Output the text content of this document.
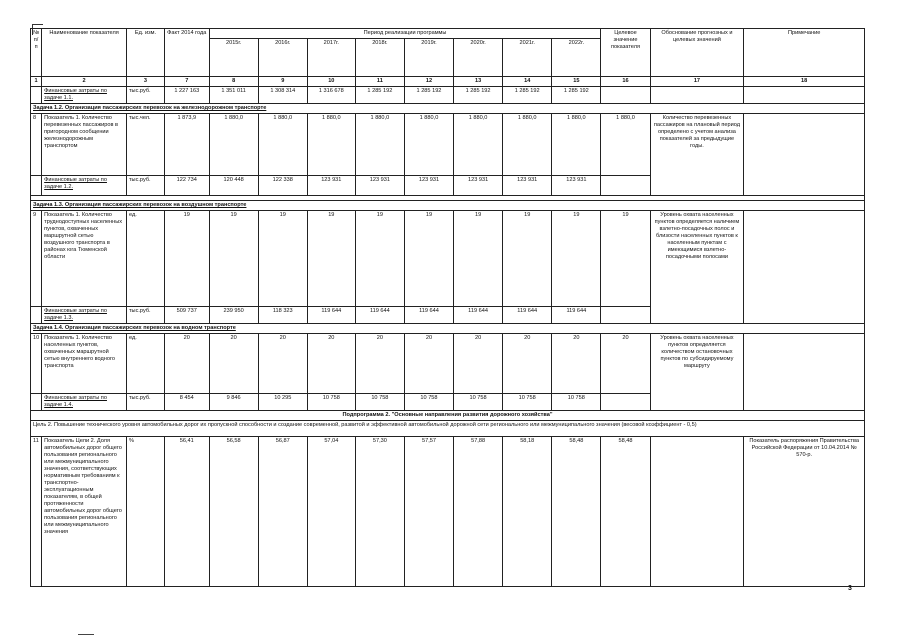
№ п/п	Наименование показателя	Ед. изм.	Факт 2014 года	Период реализации программы								Целевое значение показателя	Обоснование прогнозных и целевых значений	Примечание
				2015г.	2016г.	2017г.	2018г.	2019г.	2020г.	2021г.	2022г.			
1	2	3	7	8	9	10	11	12	13	14	15	16	17	18
	Финансовые затраты по задаче 1.1.	тыс.руб.	1 227 163	1 351 011	1 308 314	1 316 678	1 285 192	1 285 192	1 285 192	1 285 192	1 285 192			
Задача 1.2. Организация пассажирских перевозок на железнодорожном транспорте														
8	Показатель 1. Количество перевезенных пассажиров в пригородном сообщении железнодорожным транспортом	тыс.чел.	1 873,9	1 880,0	1 880,0	1 880,0	1 880,0	1 880,0	1 880,0	1 880,0	1 880,0	1 880,0	Количество перевезенных пассажиров на плановый период определено с учетом анализа показателей за предыдущие годы.	
	Финансовые затраты по задаче 1.2.	тыс.руб.	122 734	120 448	122 338	123 931	123 931	123 931	123 931	123 931	123 931			

Задача 1.3. Организация пассажирских перевозок на воздушном транспорте														
9	Показатель 1. Количество труднодоступных населенных пунктов, охваченных маршрутной сетью воздушного транспорта в районах юга Тюменской области	ед.	19	19	19	19	19	19	19	19	19	19	Уровень охвата населенных пунктов определяется наличием взлетно-посадочных полос и близости населенных пунктов к населенным пунктам с имеющимися взлетно-посадочными полосами	
	Финансовые затраты по задаче 1.3.	тыс.руб.	509 737	239 950	118 323	119 644	119 644	119 644	119 644	119 644	119 644			
Задача 1.4. Организация пассажирских перевозок на водном транспорте														
10	Показатель 1. Количество населенных пунктов, охваченных маршрутной сетью внутреннего водного транспорта	ед.	20	20	20	20	20	20	20	20	20	20	Уровень охвата населенных пунктов определяется количеством остановочных пунктов по субсидируемому маршруту	
	Финансовые затраты по задаче 1.4.	тыс.руб.	8 454	9 846	10 295	10 758	10 758	10 758	10 758	10 758	10 758			
Подпрограмма 2. "Основные направления развития дорожного хозяйства"														
Цель 2. Повышение технического уровня автомобильных дорог их пропускной способности и создание современной, развитой и эффективной автомобильной дорожной сети регионального или межмуниципального значения (весовой коэффициент - 0,5)														
11	Показатель Цели 2. Доля автомобильных дорог общего пользования регионального или межмуниципального значения, соответствующих нормативным требованиям к транспортно-эксплуатационным показателям, в общей протяженности автомобильных дорог общего пользования регионального или межмуниципального значения	%	56,41	56,58	56,87	57,04	57,30	57,57	57,88	58,18	58,48	58,48		Показатель распоряжения Правительства Российской Федерации от 10.04.2014 № 570-р.
3
